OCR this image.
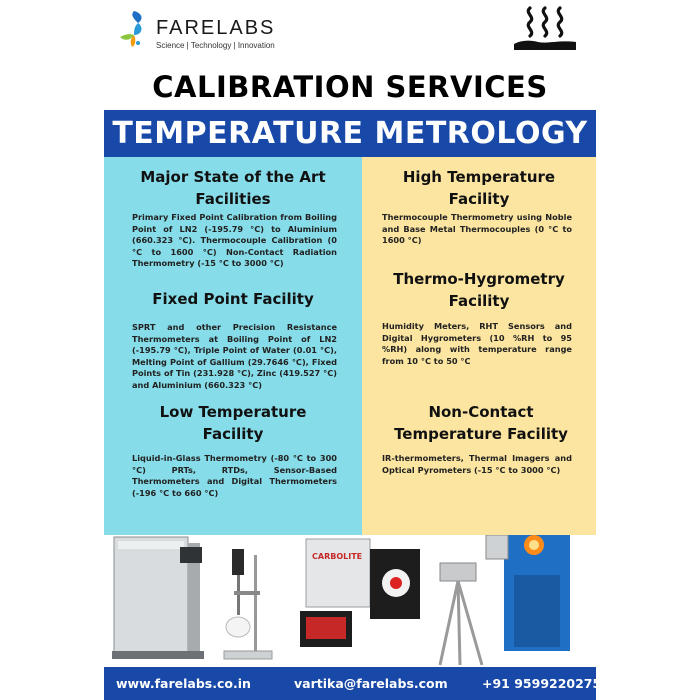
FARELABS
Science | Technology | Innovation
CALIBRATION SERVICES
TEMPERATURE METROLOGY
Major State of the Art Facilities
Primary Fixed Point Calibration from Boiling Point of LN2 (-195.79 °C) to Aluminium (660.323 °C). Thermocouple Calibration (0 °C to 1600 °C) Non-Contact Radiation Thermometry (-15 °C to 3000 °C)
Fixed Point Facility
SPRT and other Precision Resistance Thermometers at Boiling Point of LN2 (-195.79 °C), Triple Point of Water (0.01 °C), Melting Point of Gallium (29.7646 °C), Fixed Points of Tin (231.928 °C), Zinc (419.527 °C) and Aluminium (660.323 °C)
Low Temperature Facility
Liquid-in-Glass Thermometry (-80 °C to 300 °C) PRTs, RTDs, Sensor-Based Thermometers and Digital Thermometers (-196 °C to 660 °C)
High Temperature Facility
Thermocouple Thermometry using Noble and Base Metal Thermocouples (0 °C to 1600 °C)
Thermo-Hygrometry Facility
Humidity Meters, RHT Sensors and Digital Hygrometers (10 %RH to 95 %RH) along with temperature range from 10 °C to 50 °C
Non-Contact Temperature Facility
IR-thermometers, Thermal Imagers and Optical Pyrometers (-15 °C to 3000 °C)
CARBOLITE
www.farelabs.co.in	vartika@farelabs.com	+91 9599220275
